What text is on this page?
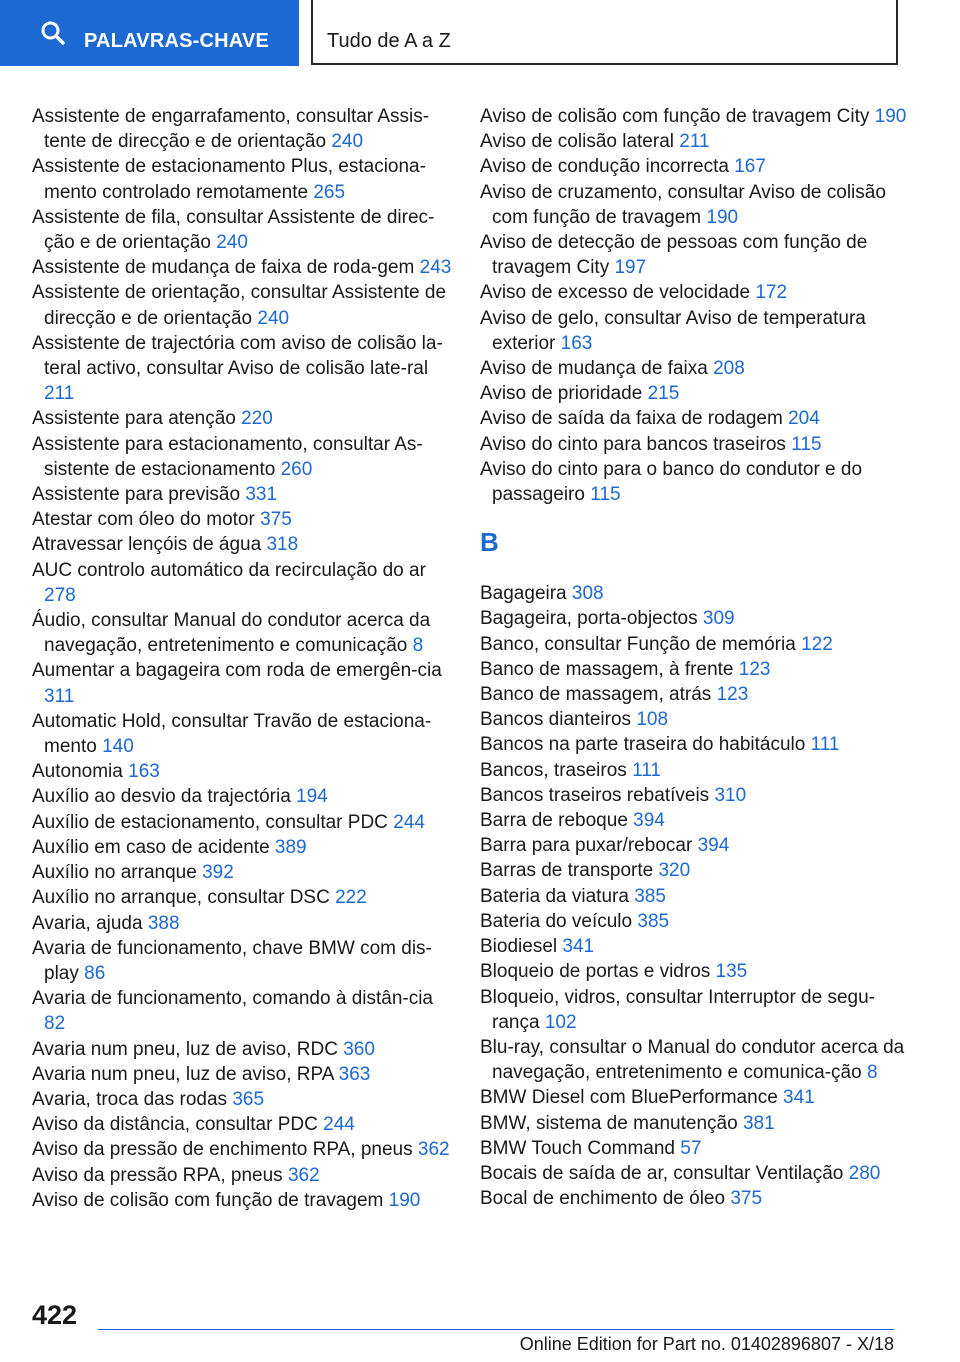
PALAVRAS-CHAVE	Tudo de A a Z

Assistente de engarrafamento, consultar Assis-tente de direcção e de orientação 240

Assistente de estacionamento Plus, estaciona-mento controlado remotamente 265

Assistente de fila, consultar Assistente de direc-ção e de orientação 240

Assistente de mudança de faixa de roda-gem 243

Assistente de orientação, consultar Assistente de direcção e de orientação 240

Assistente de trajectória com aviso de colisão la-teral activo, consultar Aviso de colisão late-ral 211

Assistente para atenção 220

Assistente para estacionamento, consultar As-sistente de estacionamento 260

Assistente para previsão 331

Atestar com óleo do motor 375

Atravessar lençóis de água 318

AUC controlo automático da recirculação do ar 278

Áudio, consultar Manual do condutor acerca da navegação, entretenimento e comunicação 8

Aumentar a bagageira com roda de emergên-cia 311

Automatic Hold, consultar Travão de estaciona-mento 140

Autonomia 163

Auxílio ao desvio da trajectória 194

Auxílio de estacionamento, consultar PDC 244

Auxílio em caso de acidente 389

Auxílio no arranque 392

Auxílio no arranque, consultar DSC 222

Avaria, ajuda 388

Avaria de funcionamento, chave BMW com dis-play 86

Avaria de funcionamento, comando à distân-cia 82

Avaria num pneu, luz de aviso, RDC 360

Avaria num pneu, luz de aviso, RPA 363

Avaria, troca das rodas 365

Aviso da distância, consultar PDC 244

Aviso da pressão de enchimento RPA, pneus 362

Aviso da pressão RPA, pneus 362

Aviso de colisão com função de travagem 190

Aviso de colisão com função de travagem City 190

Aviso de colisão lateral 211

Aviso de condução incorrecta 167

Aviso de cruzamento, consultar Aviso de colisão com função de travagem 190

Aviso de detecção de pessoas com função de travagem City 197

Aviso de excesso de velocidade 172

Aviso de gelo, consultar Aviso de temperatura exterior 163

Aviso de mudança de faixa 208

Aviso de prioridade 215

Aviso de saída da faixa de rodagem 204

Aviso do cinto para bancos traseiros 115

Aviso do cinto para o banco do condutor e do passageiro 115

B

Bagageira 308

Bagageira, porta-objectos 309

Banco, consultar Função de memória 122

Banco de massagem, à frente 123

Banco de massagem, atrás 123

Bancos dianteiros 108

Bancos na parte traseira do habitáculo 111

Bancos, traseiros 111

Bancos traseiros rebatíveis 310

Barra de reboque 394

Barra para puxar/rebocar 394

Barras de transporte 320

Bateria da viatura 385

Bateria do veículo 385

Biodiesel 341

Bloqueio de portas e vidros 135

Bloqueio, vidros, consultar Interruptor de segu-rança 102

Blu-ray, consultar o Manual do condutor acerca da navegação, entretenimento e comunica-ção 8

BMW Diesel com BluePerformance 341

BMW, sistema de manutenção 381

BMW Touch Command 57

Bocais de saída de ar, consultar Ventilação 280

Bocal de enchimento de óleo 375

422
Online Edition for Part no. 01402896807 - X/18
